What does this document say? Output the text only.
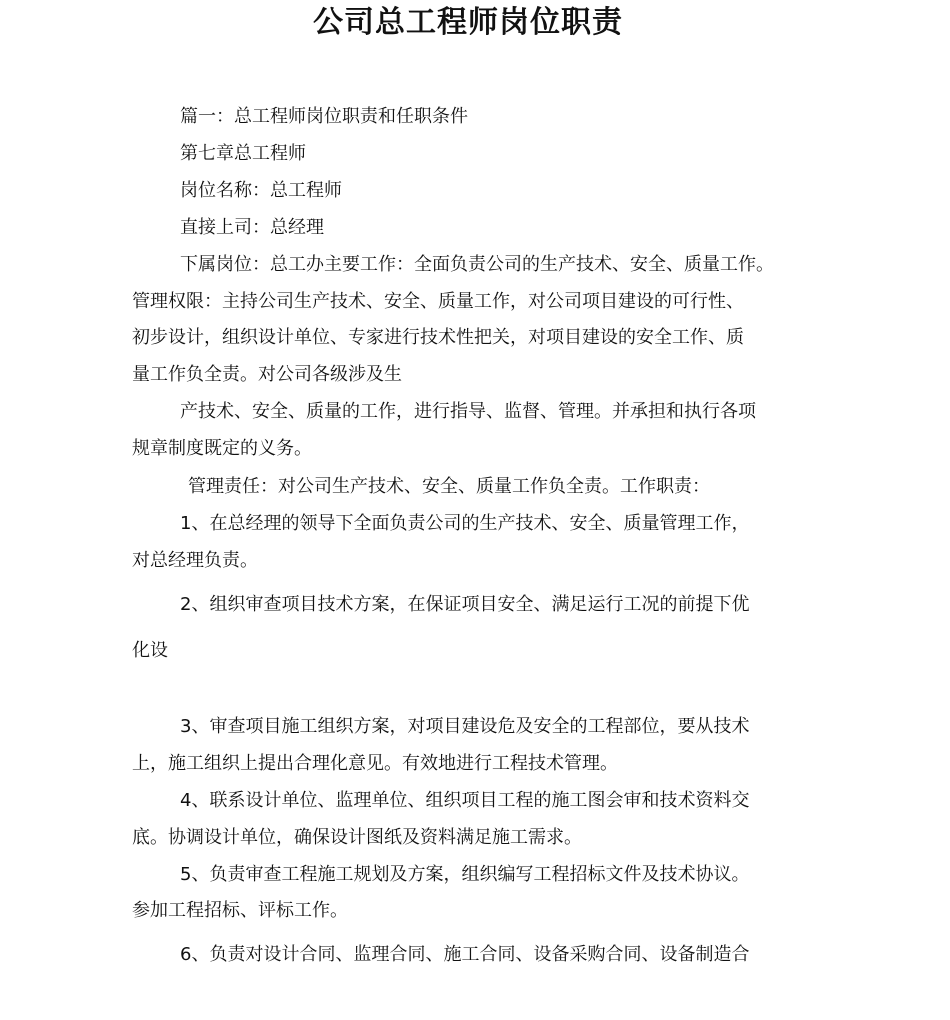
公司总工程师岗位职责
篇一：总工程师岗位职责和任职条件
第七章总工程师
岗位名称：总工程师
直接上司：总经理
下属岗位：总工办主要工作：全面负责公司的生产技术、安全、质量工作。
管理权限：主持公司生产技术、安全、质量工作，对公司项目建设的可行性、
初步设计，组织设计单位、专家进行技术性把关，对项目建设的安全工作、质
量工作负全责。对公司各级涉及生
产技术、安全、质量的工作，进行指导、监督、管理。并承担和执行各项
规章制度既定的义务。
管理责任：对公司生产技术、安全、质量工作负全责。工作职责：
1、在总经理的领导下全面负责公司的生产技术、安全、质量管理工作，
对总经理负责。
2、组织审查项目技术方案，在保证项目安全、满足运行工况的前提下优
化设
3、审查项目施工组织方案，对项目建设危及安全的工程部位，要从技术
上，施工组织上提出合理化意见。有效地进行工程技术管理。
4、联系设计单位、监理单位、组织项目工程的施工图会审和技术资料交
底。协调设计单位，确保设计图纸及资料满足施工需求。
5、负责审查工程施工规划及方案，组织编写工程招标文件及技术协议。
参加工程招标、评标工作。
6、负责对设计合同、监理合同、施工合同、设备采购合同、设备制造合
